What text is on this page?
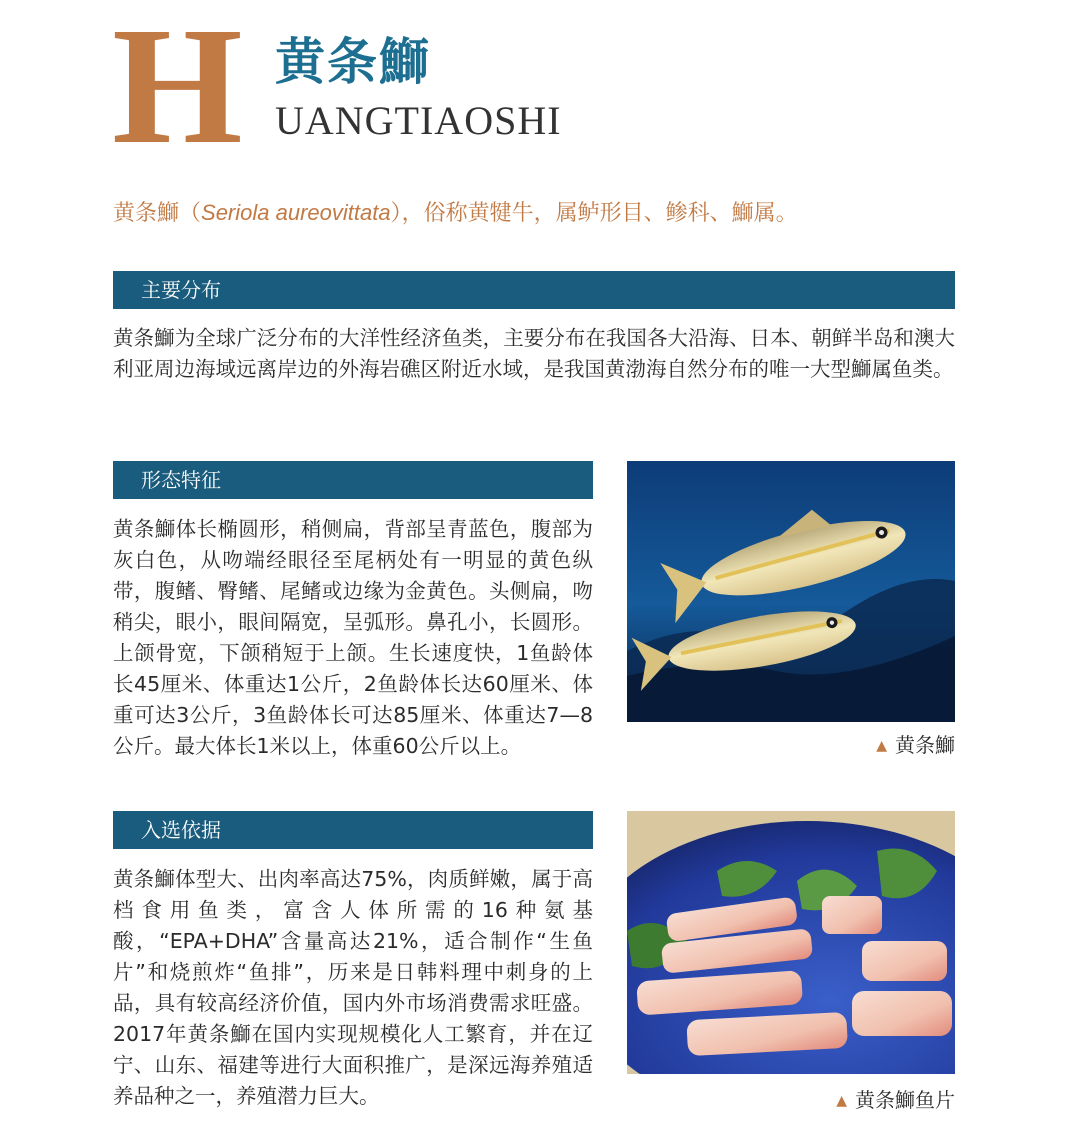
H 黄条鰤
UANGTIAOSHI
黄条鰤（Seriola aureovittata），俗称黄犍牛，属鲈形目、鲹科、鰤属。
主要分布

黄条鰤为全球广泛分布的大洋性经济鱼类，主要分布在我国各大沿海、日本、朝鲜半岛和澳大利亚周边海域远离岸边的外海岩礁区附近水域，是我国黄渤海自然分布的唯一大型鰤属鱼类。

形态特征

黄条鰤体长椭圆形，稍侧扁，背部呈青蓝色，腹部为灰白色，从吻端经眼径至尾柄处有一明显的黄色纵带，腹鳍、臀鳍、尾鳍或边缘为金黄色。头侧扁，吻稍尖，眼小，眼间隔宽，呈弧形。鼻孔小，长圆形。上颌骨宽，下颌稍短于上颌。生长速度快，1鱼龄体长45厘米、体重达1公斤，2鱼龄体长达60厘米、体重可达3公斤，3鱼龄体长可达85厘米、体重达7—8公斤。最大体长1米以上，体重60公斤以上。	▲ 黄条鰤
入选依据

黄条鰤体型大、出肉率高达75%，肉质鲜嫩，属于高档食用鱼类，富含人体所需的16种氨基酸，“EPA+DHA”含量高达21%，适合制作“生鱼片”和烧煎炸“鱼排”，历来是日韩料理中刺身的上品，具有较高经济价值，国内外市场消费需求旺盛。2017年黄条鰤在国内实现规模化人工繁育，并在辽宁、山东、福建等进行大面积推广，是深远海养殖适养品种之一，养殖潜力巨大。	▲ 黄条鰤鱼片
